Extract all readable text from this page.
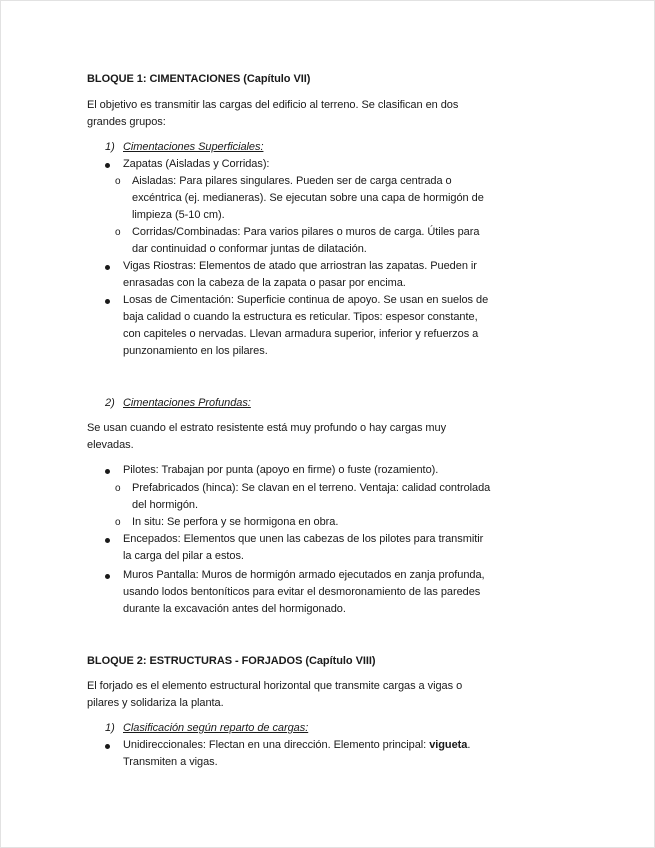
BLOQUE 1: CIMENTACIONES (Capítulo VII)
El objetivo es transmitir las cargas del edificio al terreno. Se clasifican en dos
grandes grupos:
1) Cimentaciones Superficiales:
Zapatas (Aisladas y Corridas):
o Aisladas: Para pilares singulares. Pueden ser de carga centrada o
excéntrica (ej. medianeras). Se ejecutan sobre una capa de hormigón de
limpieza (5-10 cm).
o Corridas/Combinadas: Para varios pilares o muros de carga. Útiles para
dar continuidad o conformar juntas de dilatación.
Vigas Riostras: Elementos de atado que arriostran las zapatas. Pueden ir
enrasadas con la cabeza de la zapata o pasar por encima.
Losas de Cimentación: Superficie continua de apoyo. Se usan en suelos de
baja calidad o cuando la estructura es reticular. Tipos: espesor constante,
con capiteles o nervadas. Llevan armadura superior, inferior y refuerzos a
punzonamiento en los pilares.
2) Cimentaciones Profundas:
Se usan cuando el estrato resistente está muy profundo o hay cargas muy
elevadas.
Pilotes: Trabajan por punta (apoyo en firme) o fuste (rozamiento).
o Prefabricados (hinca): Se clavan en el terreno. Ventaja: calidad controlada
del hormigón.
o In situ: Se perfora y se hormigona en obra.
Encepados: Elementos que unen las cabezas de los pilotes para transmitir
la carga del pilar a estos.
Muros Pantalla: Muros de hormigón armado ejecutados en zanja profunda,
usando lodos bentoníticos para evitar el desmoronamiento de las paredes
durante la excavación antes del hormigonado.
BLOQUE 2: ESTRUCTURAS - FORJADOS (Capítulo VIII)
El forjado es el elemento estructural horizontal que transmite cargas a vigas o
pilares y solidariza la planta.
1) Clasificación según reparto de cargas:
Unidireccionales: Flectan en una dirección. Elemento principal: vigueta.
Transmiten a vigas.
